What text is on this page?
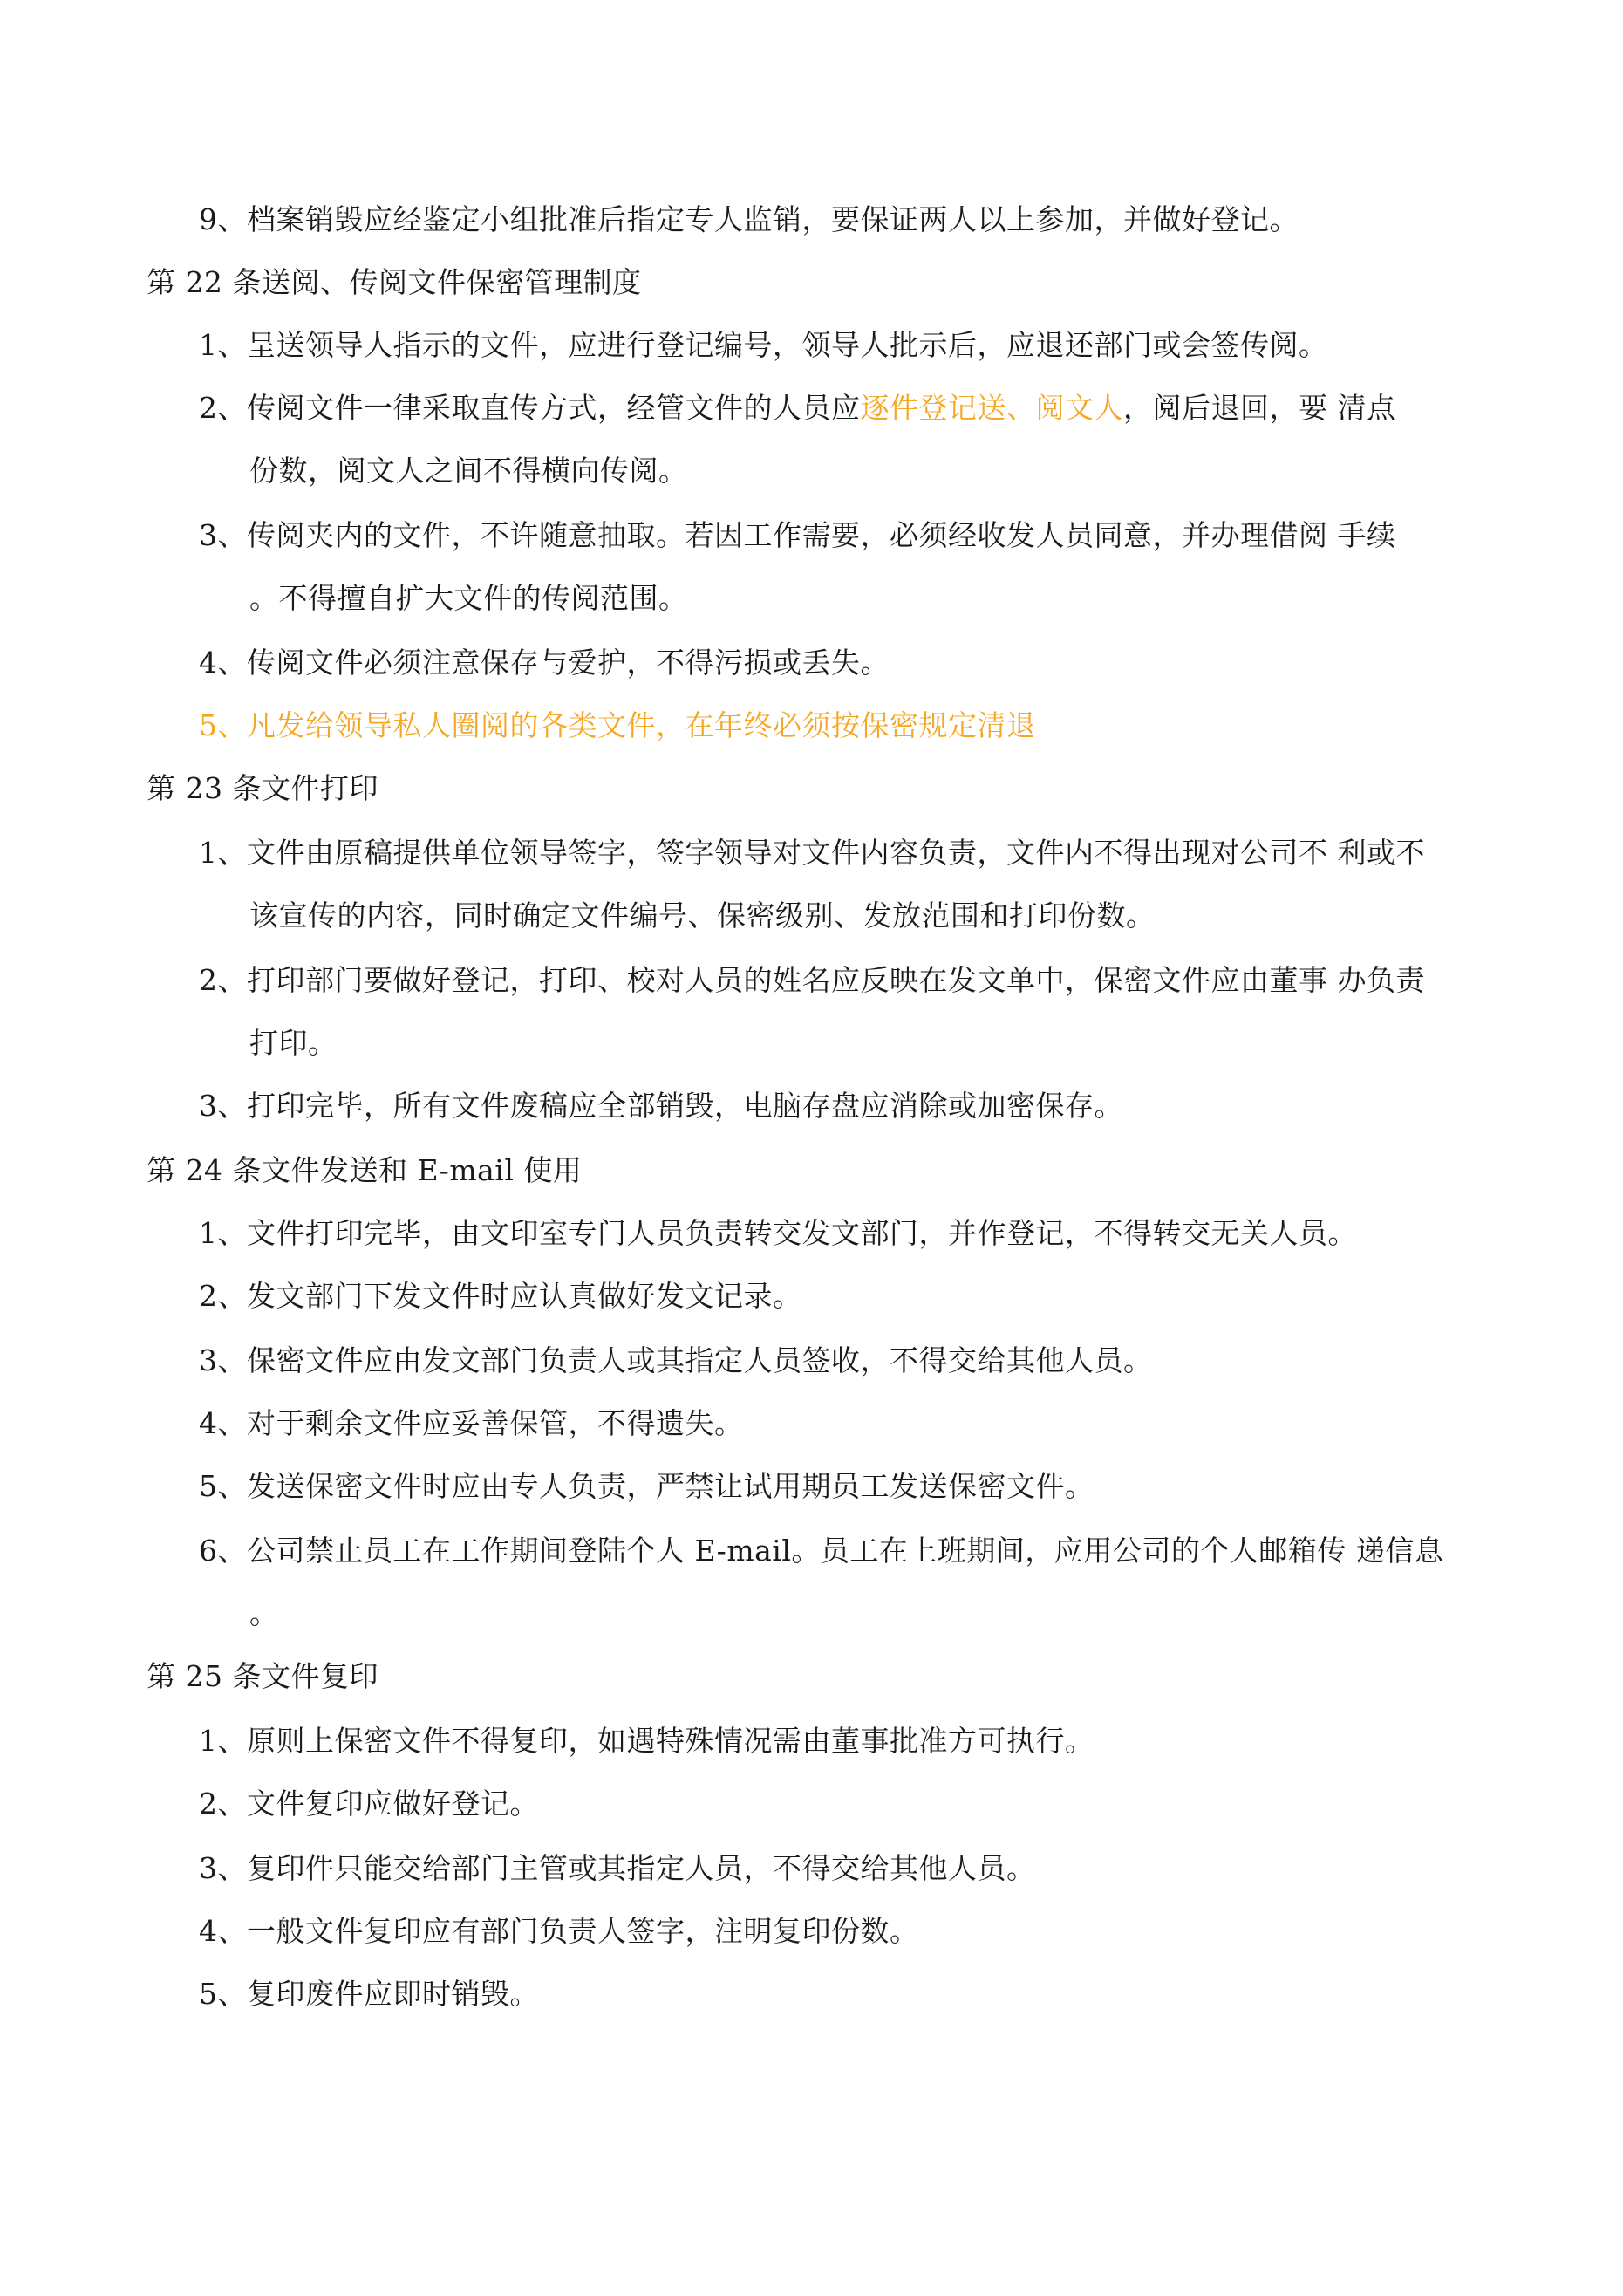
9、档案销毁应经鉴定小组批准后指定专人监销，要保证两人以上参加，并做好登记。
第 22 条送阅、传阅文件保密管理制度
1、呈送领导人指示的文件，应进行登记编号，领导人批示后，应退还部门或会签传阅。
2、传阅文件一律采取直传方式，经管文件的人员应逐件登记送、阅文人，阅后退回，要 清点
份数，阅文人之间不得横向传阅。
3、传阅夹内的文件，不许随意抽取。若因工作需要，必须经收发人员同意，并办理借阅 手续
。不得擅自扩大文件的传阅范围。
4、传阅文件必须注意保存与爱护，不得污损或丢失。
5、凡发给领导私人圈阅的各类文件，在年终必须按保密规定清退
第 23 条文件打印
1、文件由原稿提供单位领导签字，签字领导对文件内容负责，文件内不得出现对公司不 利或不
该宣传的内容，同时确定文件编号、保密级别、发放范围和打印份数。
2、打印部门要做好登记，打印、校对人员的姓名应反映在发文单中，保密文件应由董事 办负责
打印。
3、打印完毕，所有文件废稿应全部销毁，电脑存盘应消除或加密保存。
第 24 条文件发送和 E-mail 使用
1、文件打印完毕，由文印室专门人员负责转交发文部门，并作登记，不得转交无关人员。
2、发文部门下发文件时应认真做好发文记录。
3、保密文件应由发文部门负责人或其指定人员签收，不得交给其他人员。
4、对于剩余文件应妥善保管，不得遗失。
5、发送保密文件时应由专人负责，严禁让试用期员工发送保密文件。
6、公司禁止员工在工作期间登陆个人 E-mail。员工在上班期间，应用公司的个人邮箱传 递信息
。
第 25 条文件复印
1、原则上保密文件不得复印，如遇特殊情况需由董事批准方可执行。
2、文件复印应做好登记。
3、复印件只能交给部门主管或其指定人员，不得交给其他人员。
4、一般文件复印应有部门负责人签字，注明复印份数。
5、复印废件应即时销毁。
